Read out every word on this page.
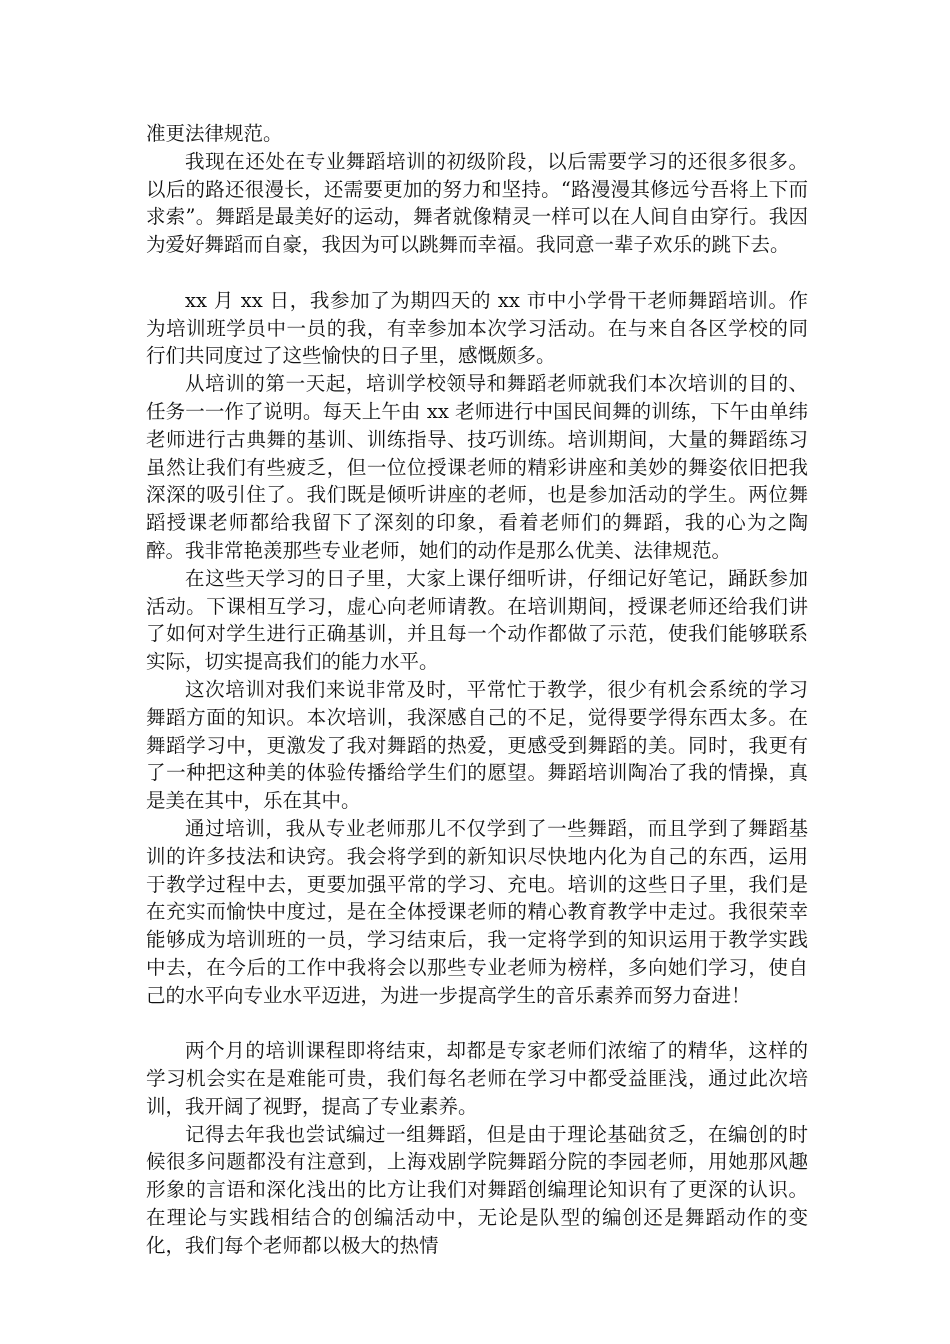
准更法律规范。

我现在还处在专业舞蹈培训的初级阶段，以后需要学习的还很多很多。以后的路还很漫长，还需要更加的努力和坚持。“路漫漫其修远兮吾将上下而求索”。舞蹈是最美好的运动，舞者就像精灵一样可以在人间自由穿行。我因为爱好舞蹈而自豪，我因为可以跳舞而幸福。我同意一辈子欢乐的跳下去。

xx 月 xx 日，我参加了为期四天的 xx 市中小学骨干老师舞蹈培训。作为培训班学员中一员的我，有幸参加本次学习活动。在与来自各区学校的同行们共同度过了这些愉快的日子里，感慨颇多。

从培训的第一天起，培训学校领导和舞蹈老师就我们本次培训的目的、任务一一作了说明。每天上午由 xx 老师进行中国民间舞的训练，下午由单纬老师进行古典舞的基训、训练指导、技巧训练。培训期间，大量的舞蹈练习虽然让我们有些疲乏，但一位位授课老师的精彩讲座和美妙的舞姿依旧把我深深的吸引住了。我们既是倾听讲座的老师，也是参加活动的学生。两位舞蹈授课老师都给我留下了深刻的印象，看着老师们的舞蹈，我的心为之陶醉。我非常艳羡那些专业老师，她们的动作是那么优美、法律规范。

在这些天学习的日子里，大家上课仔细听讲，仔细记好笔记，踊跃参加活动。下课相互学习，虚心向老师请教。在培训期间，授课老师还给我们讲了如何对学生进行正确基训，并且每一个动作都做了示范，使我们能够联系实际，切实提高我们的能力水平。

这次培训对我们来说非常及时，平常忙于教学，很少有机会系统的学习舞蹈方面的知识。本次培训，我深感自己的不足，觉得要学得东西太多。在舞蹈学习中，更激发了我对舞蹈的热爱，更感受到舞蹈的美。同时，我更有了一种把这种美的体验传播给学生们的愿望。舞蹈培训陶冶了我的情操，真是美在其中，乐在其中。

通过培训，我从专业老师那儿不仅学到了一些舞蹈，而且学到了舞蹈基训的许多技法和诀窍。我会将学到的新知识尽快地内化为自己的东西，运用于教学过程中去，更要加强平常的学习、充电。培训的这些日子里，我们是在充实而愉快中度过，是在全体授课老师的精心教育教学中走过。我很荣幸能够成为培训班的一员，学习结束后，我一定将学到的知识运用于教学实践中去，在今后的工作中我将会以那些专业老师为榜样，多向她们学习，使自己的水平向专业水平迈进，为进一步提高学生的音乐素养而努力奋进！

两个月的培训课程即将结束，却都是专家老师们浓缩了的精华，这样的学习机会实在是难能可贵，我们每名老师在学习中都受益匪浅，通过此次培训，我开阔了视野，提高了专业素养。

记得去年我也尝试编过一组舞蹈，但是由于理论基础贫乏，在编创的时候很多问题都没有注意到，上海戏剧学院舞蹈分院的李园老师，用她那风趣形象的言语和深化浅出的比方让我们对舞蹈创编理论知识有了更深的认识。在理论与实践相结合的创编活动中，无论是队型的编创还是舞蹈动作的变化，我们每个老师都以极大的热情
